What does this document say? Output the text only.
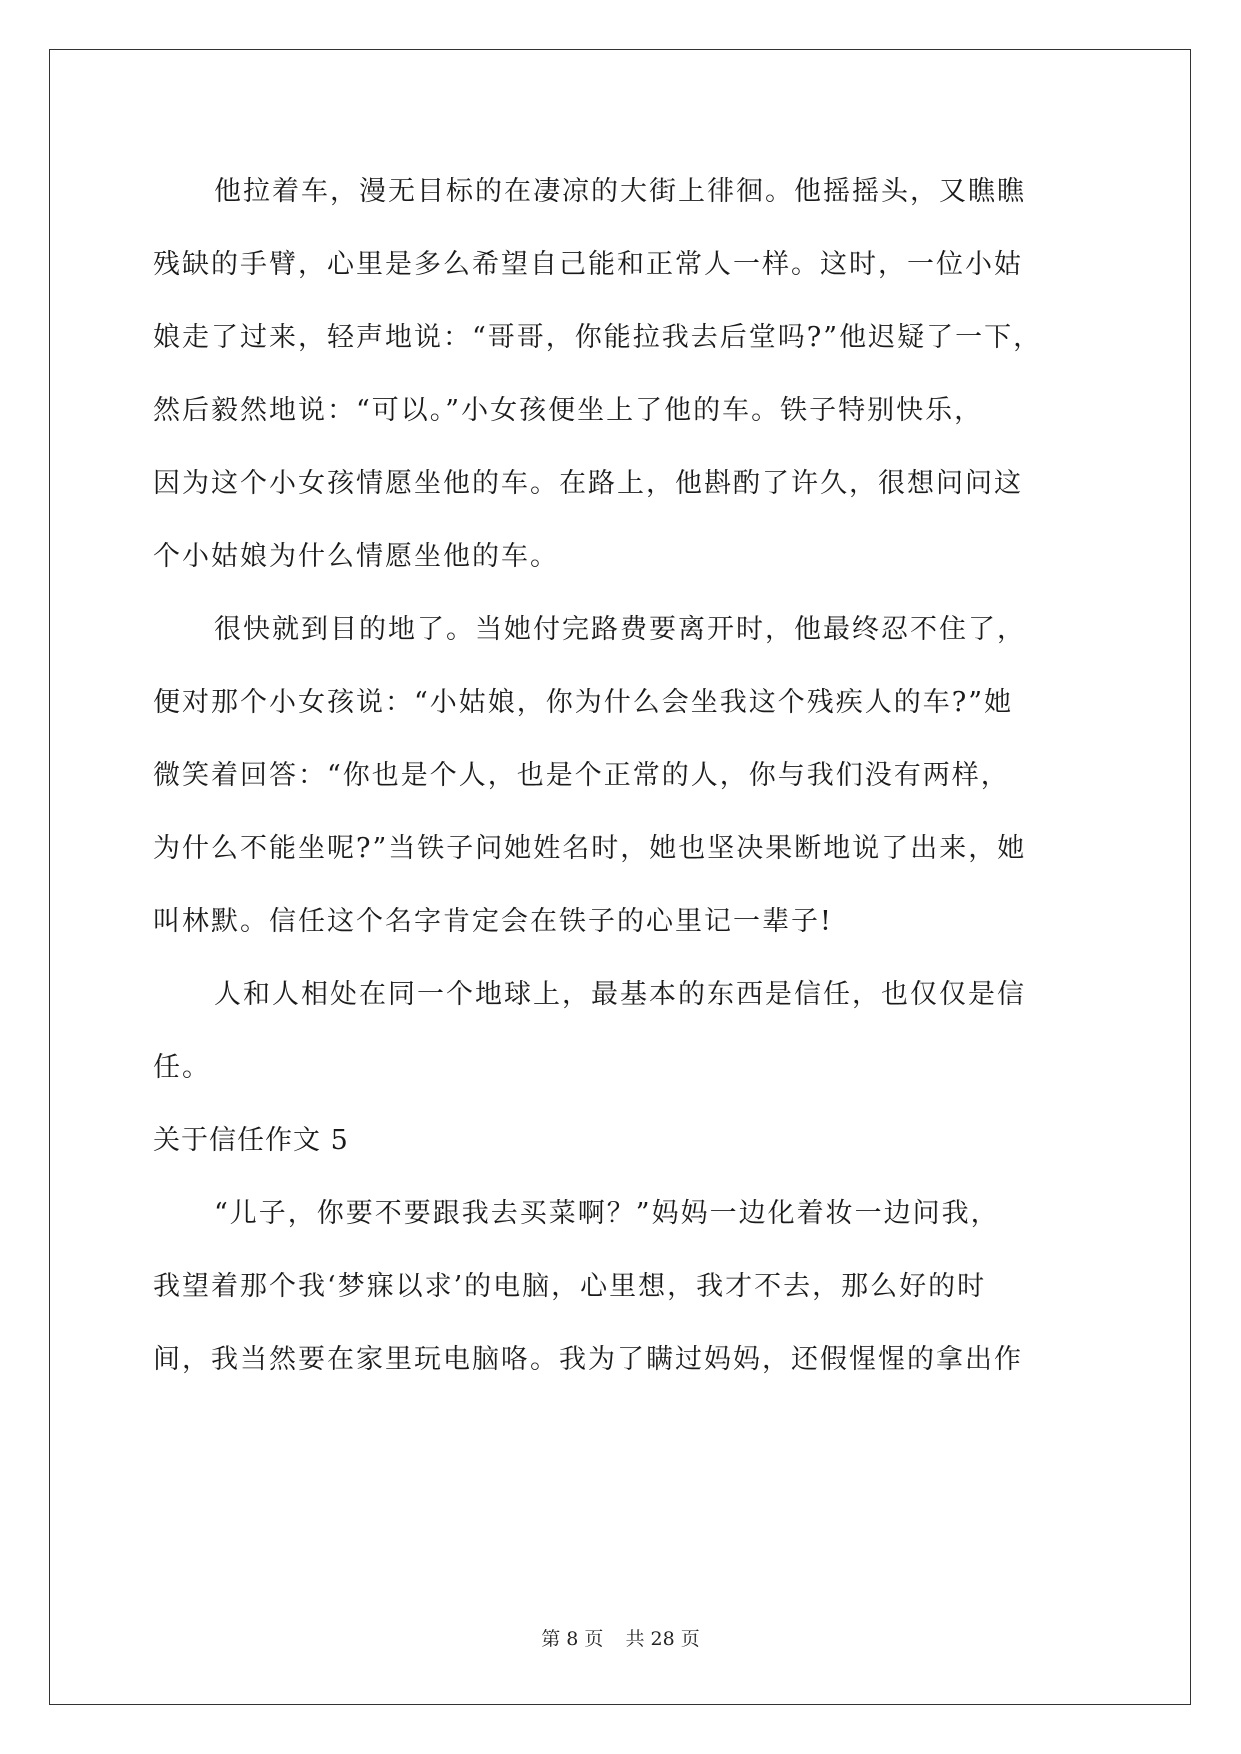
他拉着车，漫无目标的在凄凉的大街上徘徊。他摇摇头，又瞧瞧
残缺的手臂，心里是多么希望自己能和正常人一样。这时，一位小姑
娘走了过来，轻声地说：“哥哥，你能拉我去后堂吗?”他迟疑了一下，
然后毅然地说：“可以。”小女孩便坐上了他的车。铁子特别快乐，
因为这个小女孩情愿坐他的车。在路上，他斟酌了许久，很想问问这
个小姑娘为什么情愿坐他的车。
很快就到目的地了。当她付完路费要离开时，他最终忍不住了，
便对那个小女孩说：“小姑娘，你为什么会坐我这个残疾人的车?”她
微笑着回答：“你也是个人，也是个正常的人，你与我们没有两样，
为什么不能坐呢?”当铁子问她姓名时，她也坚决果断地说了出来，她
叫林默。信任这个名字肯定会在铁子的心里记一辈子!
人和人相处在同一个地球上，最基本的东西是信任，也仅仅是信
任。
关于信任作文 5
“儿子，你要不要跟我去买菜啊？”妈妈一边化着妆一边问我，
我望着那个我‘梦寐以求’的电脑，心里想，我才不去，那么好的时
间，我当然要在家里玩电脑咯。我为了瞒过妈妈，还假惺惺的拿出作
第 8 页 共 28 页
